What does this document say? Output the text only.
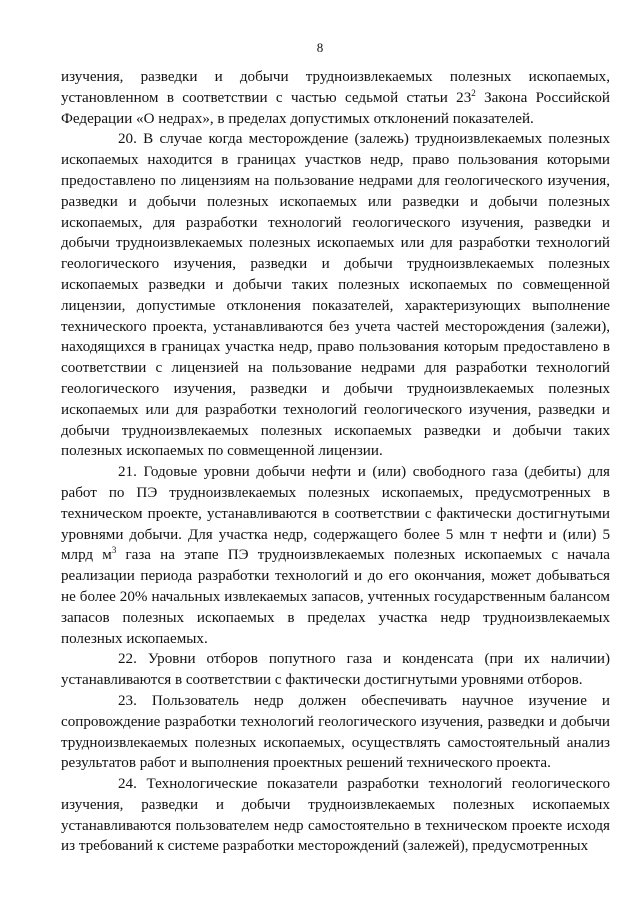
8

изучения, разведки и добычи трудноизвлекаемых полезных ископаемых, установленном в соответствии с частью седьмой статьи $23^2$ Закона Российской Федерации «О недрах», в пределах допустимых отклонений показателей.

20. В случае когда месторождение (залежь) трудноизвлекаемых полезных ископаемых находится в границах участков недр, право пользования которыми предоставлено по лицензиям на пользование недрами для геологического изучения, разведки и добычи полезных ископаемых или разведки и добычи полезных ископаемых, для разработки технологий геологического изучения, разведки и добычи трудноизвлекаемых полезных ископаемых или для разработки технологий геологического изучения, разведки и добычи трудноизвлекаемых полезных ископаемых разведки и добычи таких полезных ископаемых по совмещенной лицензии, допустимые отклонения показателей, характеризующих выполнение технического проекта, устанавливаются без учета частей месторождения (залежи), находящихся в границах участка недр, право пользования которым предоставлено в соответствии с лицензией на пользование недрами для разработки технологий геологического изучения, разведки и добычи трудноизвлекаемых полезных ископаемых или для разработки технологий геологического изучения, разведки и добычи трудноизвлекаемых полезных ископаемых разведки и добычи таких полезных ископаемых по совмещенной лицензии.

21. Годовые уровни добычи нефти и (или) свободного газа (дебиты) для работ по ПЭ трудноизвлекаемых полезных ископаемых, предусмотренных в техническом проекте, устанавливаются в соответствии с фактически достигнутыми уровнями добычи. Для участка недр, содержащего более 5 млн т нефти и (или) 5 млрд $м^3$ газа на этапе ПЭ трудноизвлекаемых полезных ископаемых с начала реализации периода разработки технологий и до его окончания, может добываться не более 20% начальных извлекаемых запасов, учтенных государственным балансом запасов полезных ископаемых в пределах участка недр трудноизвлекаемых полезных ископаемых.

22. Уровни отборов попутного газа и конденсата (при их наличии) устанавливаются в соответствии с фактически достигнутыми уровнями отборов.

23. Пользователь недр должен обеспечивать научное изучение и сопровождение разработки технологий геологического изучения, разведки и добычи трудноизвлекаемых полезных ископаемых, осуществлять самостоятельный анализ результатов работ и выполнения проектных решений технического проекта.

24. Технологические показатели разработки технологий геологического изучения, разведки и добычи трудноизвлекаемых полезных ископаемых устанавливаются пользователем недр самостоятельно в техническом проекте исходя из требований к системе разработки месторождений (залежей), предусмотренных
